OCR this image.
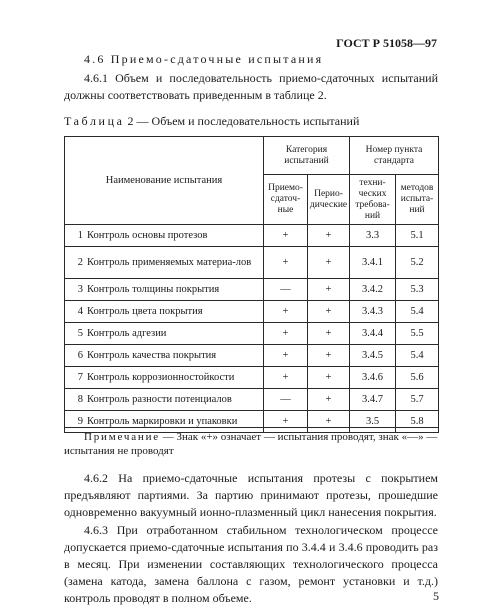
ГОСТ Р 51058—97
4.6 Приемо-сдаточные испытания
4.6.1 Объем и последовательность приемо-сдаточных испытаний должны соответствовать приведенным в таблице 2.
Таблица 2 — Объем и последовательность испытаний
Наименование испытания	Категория испытаний		Номер пункта стандарта	
	Приемо-сдаточ-ные	Перио-дические	техни-ческих требова-ний	методов испыта-ний
1 Контроль основы протезов	+	+	3.3	5.1
2 Контроль применяемых материа-лов	+	+	3.4.1	5.2
3 Контроль толщины покрытия	—	+	3.4.2	5.3
4 Контроль цвета покрытия	+	+	3.4.3	5.4
5 Контроль адгезии	+	+	3.4.4	5.5
6 Контроль качества покрытия	+	+	3.4.5	5.4
7 Контроль коррозионностойкости	+	+	3.4.6	5.6
8 Контроль разности потенциалов	—	+	3.4.7	5.7
9 Контроль маркировки и упаковки	+	+	3.5	5.8
Примечание — Знак «+» означает — испытания проводят, знак «—» — испытания не проводят
4.6.2 На приемо-сдаточные испытания протезы с покрытием предъявляют партиями. За партию принимают протезы, прошедшие одновременно вакуумный ионно-плазменный цикл нанесения покрытия.
4.6.3 При отработанном стабильном технологическом процессе допускается приемо-сдаточные испытания по 3.4.4 и 3.4.6 проводить раз в месяц. При изменении составляющих технологического процесса (замена катода, замена баллона с газом, ремонт установки и т.д.) контроль проводят в полном объеме.	5
